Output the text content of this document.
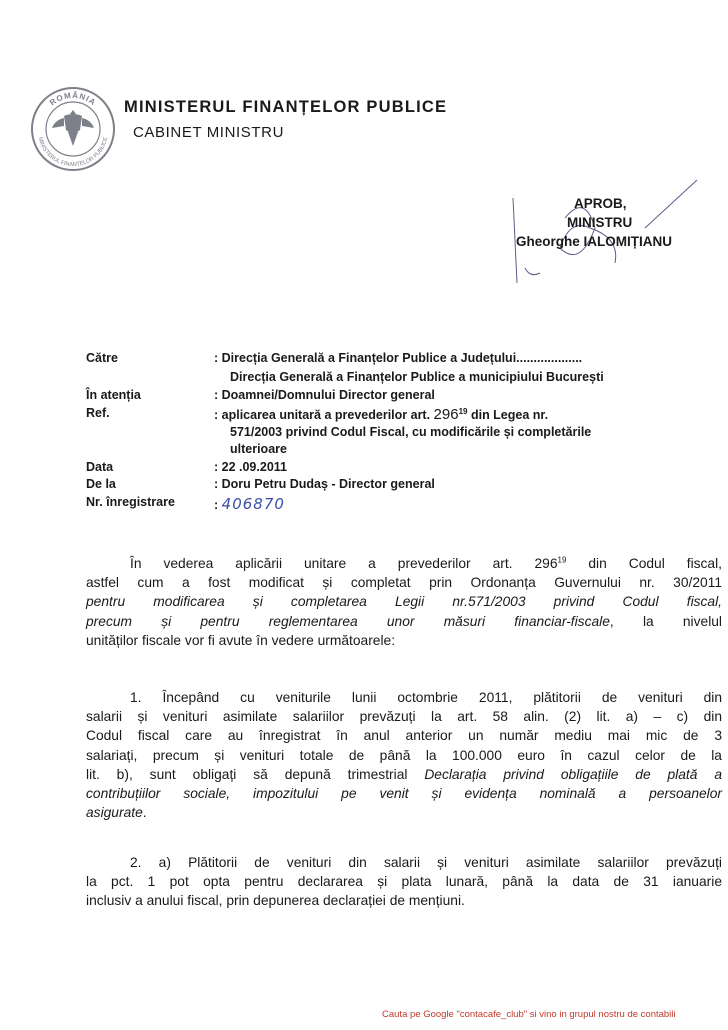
ROMÂNIA
MINISTERUL FINANȚELOR PUBLICE
MINISTERUL FINANȚELOR PUBLICE
CABINET MINISTRU
APROB,
MINISTRU
Gheorghe IALOMIȚIANU
Către	: Direcția Generală a Finanțelor Publice a Județului...................
Direcția Generală a Finanțelor Publice a municipiului București
În atenția	: Doamnei/Domnului Director general
Ref.	: aplicarea unitară a prevederilor art. $296^{19}$ din Legea nr.
571/2003 privind Codul Fiscal, cu modificările și completările
ulterioare
Data	: 22 .09.2011
De la	: Doru Petru Dudaș - Director general
Nr. înregistrare	: 406870
În vederea aplicării unitare a prevederilor art. $296^{19}$ din Codul fiscal,
astfel cum a fost modificat și completat prin Ordonanța Guvernului nr. 30/2011
pentru modificarea și completarea Legii nr.571/2003 privind Codul fiscal,
precum și pentru reglementarea unor măsuri financiar-fiscale, la nivelul
unităților fiscale vor fi avute în vedere următoarele:
1. Începând cu veniturile lunii octombrie 2011, plătitorii de venituri din
salarii și venituri asimilate salariilor prevăzuți la art. 58 alin. (2) lit. a) – c) din
Codul fiscal care au înregistrat în anul anterior un număr mediu mai mic de 3
salariați, precum și venituri totale de până la 100.000 euro în cazul celor de la
lit. b), sunt obligați să depună trimestrial Declarația privind obligațiile de plată a
contribuțiilor sociale, impozitului pe venit și evidența nominală a persoanelor
asigurate.
2. a) Plătitorii de venituri din salarii și venituri asimilate salariilor prevăzuți
la pct. 1 pot opta pentru declararea și plata lunară, până la data de 31 ianuarie
inclusiv a anului fiscal, prin depunerea declarației de mențiuni.
Cauta pe Google "contacafe_club" si vino in grupul nostru de contabili
